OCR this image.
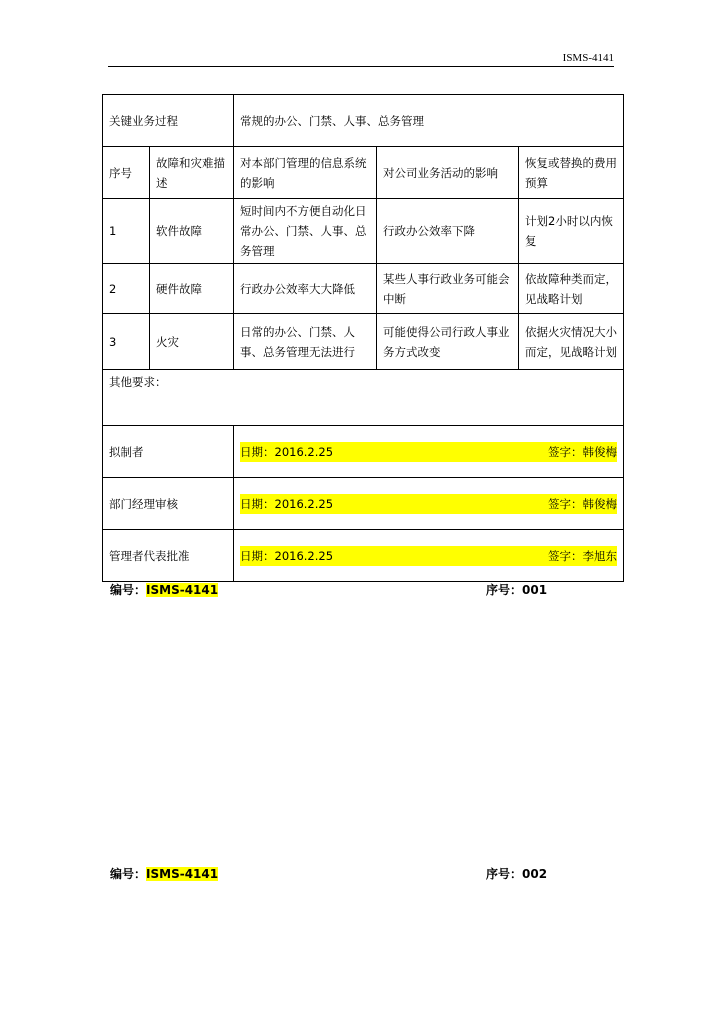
ISMS-4141
关键业务过程		常规的办公、门禁、人事、总务管理		
序号	故障和灾难描述	对本部门管理的信息系统的影响	对公司业务活动的影响	恢复或替换的费用预算
1	软件故障	短时间内不方便自动化日常办公、门禁、人事、总务管理	行政办公效率下降	计划2小时以内恢复
2	硬件故障	行政办公效率大大降低	某些人事行政业务可能会中断	依故障种类而定，见战略计划
3	火灾	日常的办公、门禁、人事、总务管理无法进行	可能使得公司行政人事业务方式改变	依据火灾情况大小而定，见战略计划
其他要求：				
拟制者		日期：2016.2.25 签字：韩俊梅		

部门经理审核		日期：2016.2.25 签字：韩俊梅		

管理者代表批准		日期：2016.2.25 签字：李旭东		
编号：ISMS-4141	序号：001
编号：ISMS-4141	序号：002
